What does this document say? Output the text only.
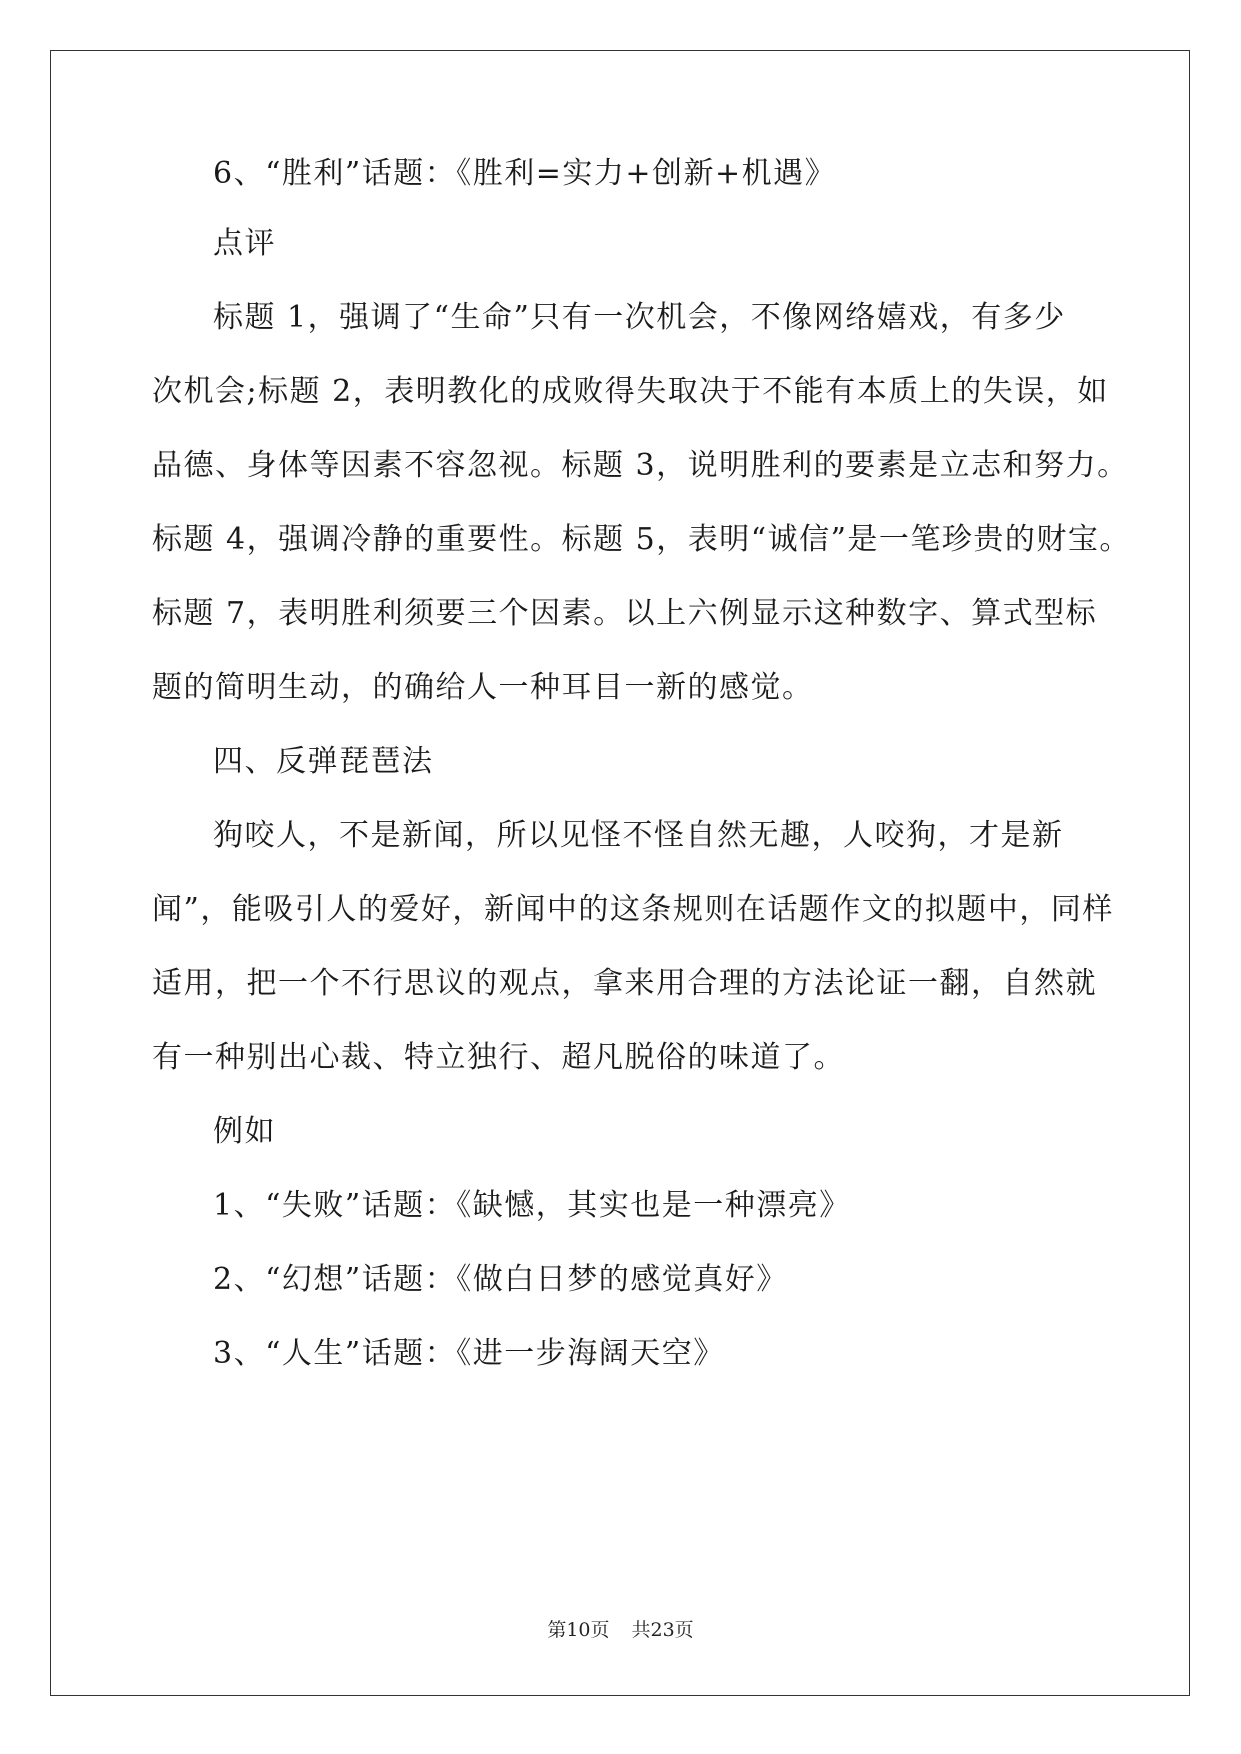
6、“胜利”话题：《胜利=实力+创新+机遇》
点评
标题 1，强调了“生命”只有一次机会，不像网络嬉戏，有多少
次机会;标题 2，表明教化的成败得失取决于不能有本质上的失误，如
品德、身体等因素不容忽视。标题 3，说明胜利的要素是立志和努力。
标题 4，强调冷静的重要性。标题 5，表明“诚信”是一笔珍贵的财宝。
标题 7，表明胜利须要三个因素。以上六例显示这种数字、算式型标
题的简明生动，的确给人一种耳目一新的感觉。
四、反弹琵琶法
狗咬人，不是新闻，所以见怪不怪自然无趣，人咬狗，才是新
闻”，能吸引人的爱好，新闻中的这条规则在话题作文的拟题中，同样
适用，把一个不行思议的观点，拿来用合理的方法论证一翻，自然就
有一种别出心裁、特立独行、超凡脱俗的味道了。
例如
1、“失败”话题：《缺憾，其实也是一种漂亮》
2、“幻想”话题：《做白日梦的感觉真好》
3、“人生”话题：《进一步海阔天空》
第10页 共23页
